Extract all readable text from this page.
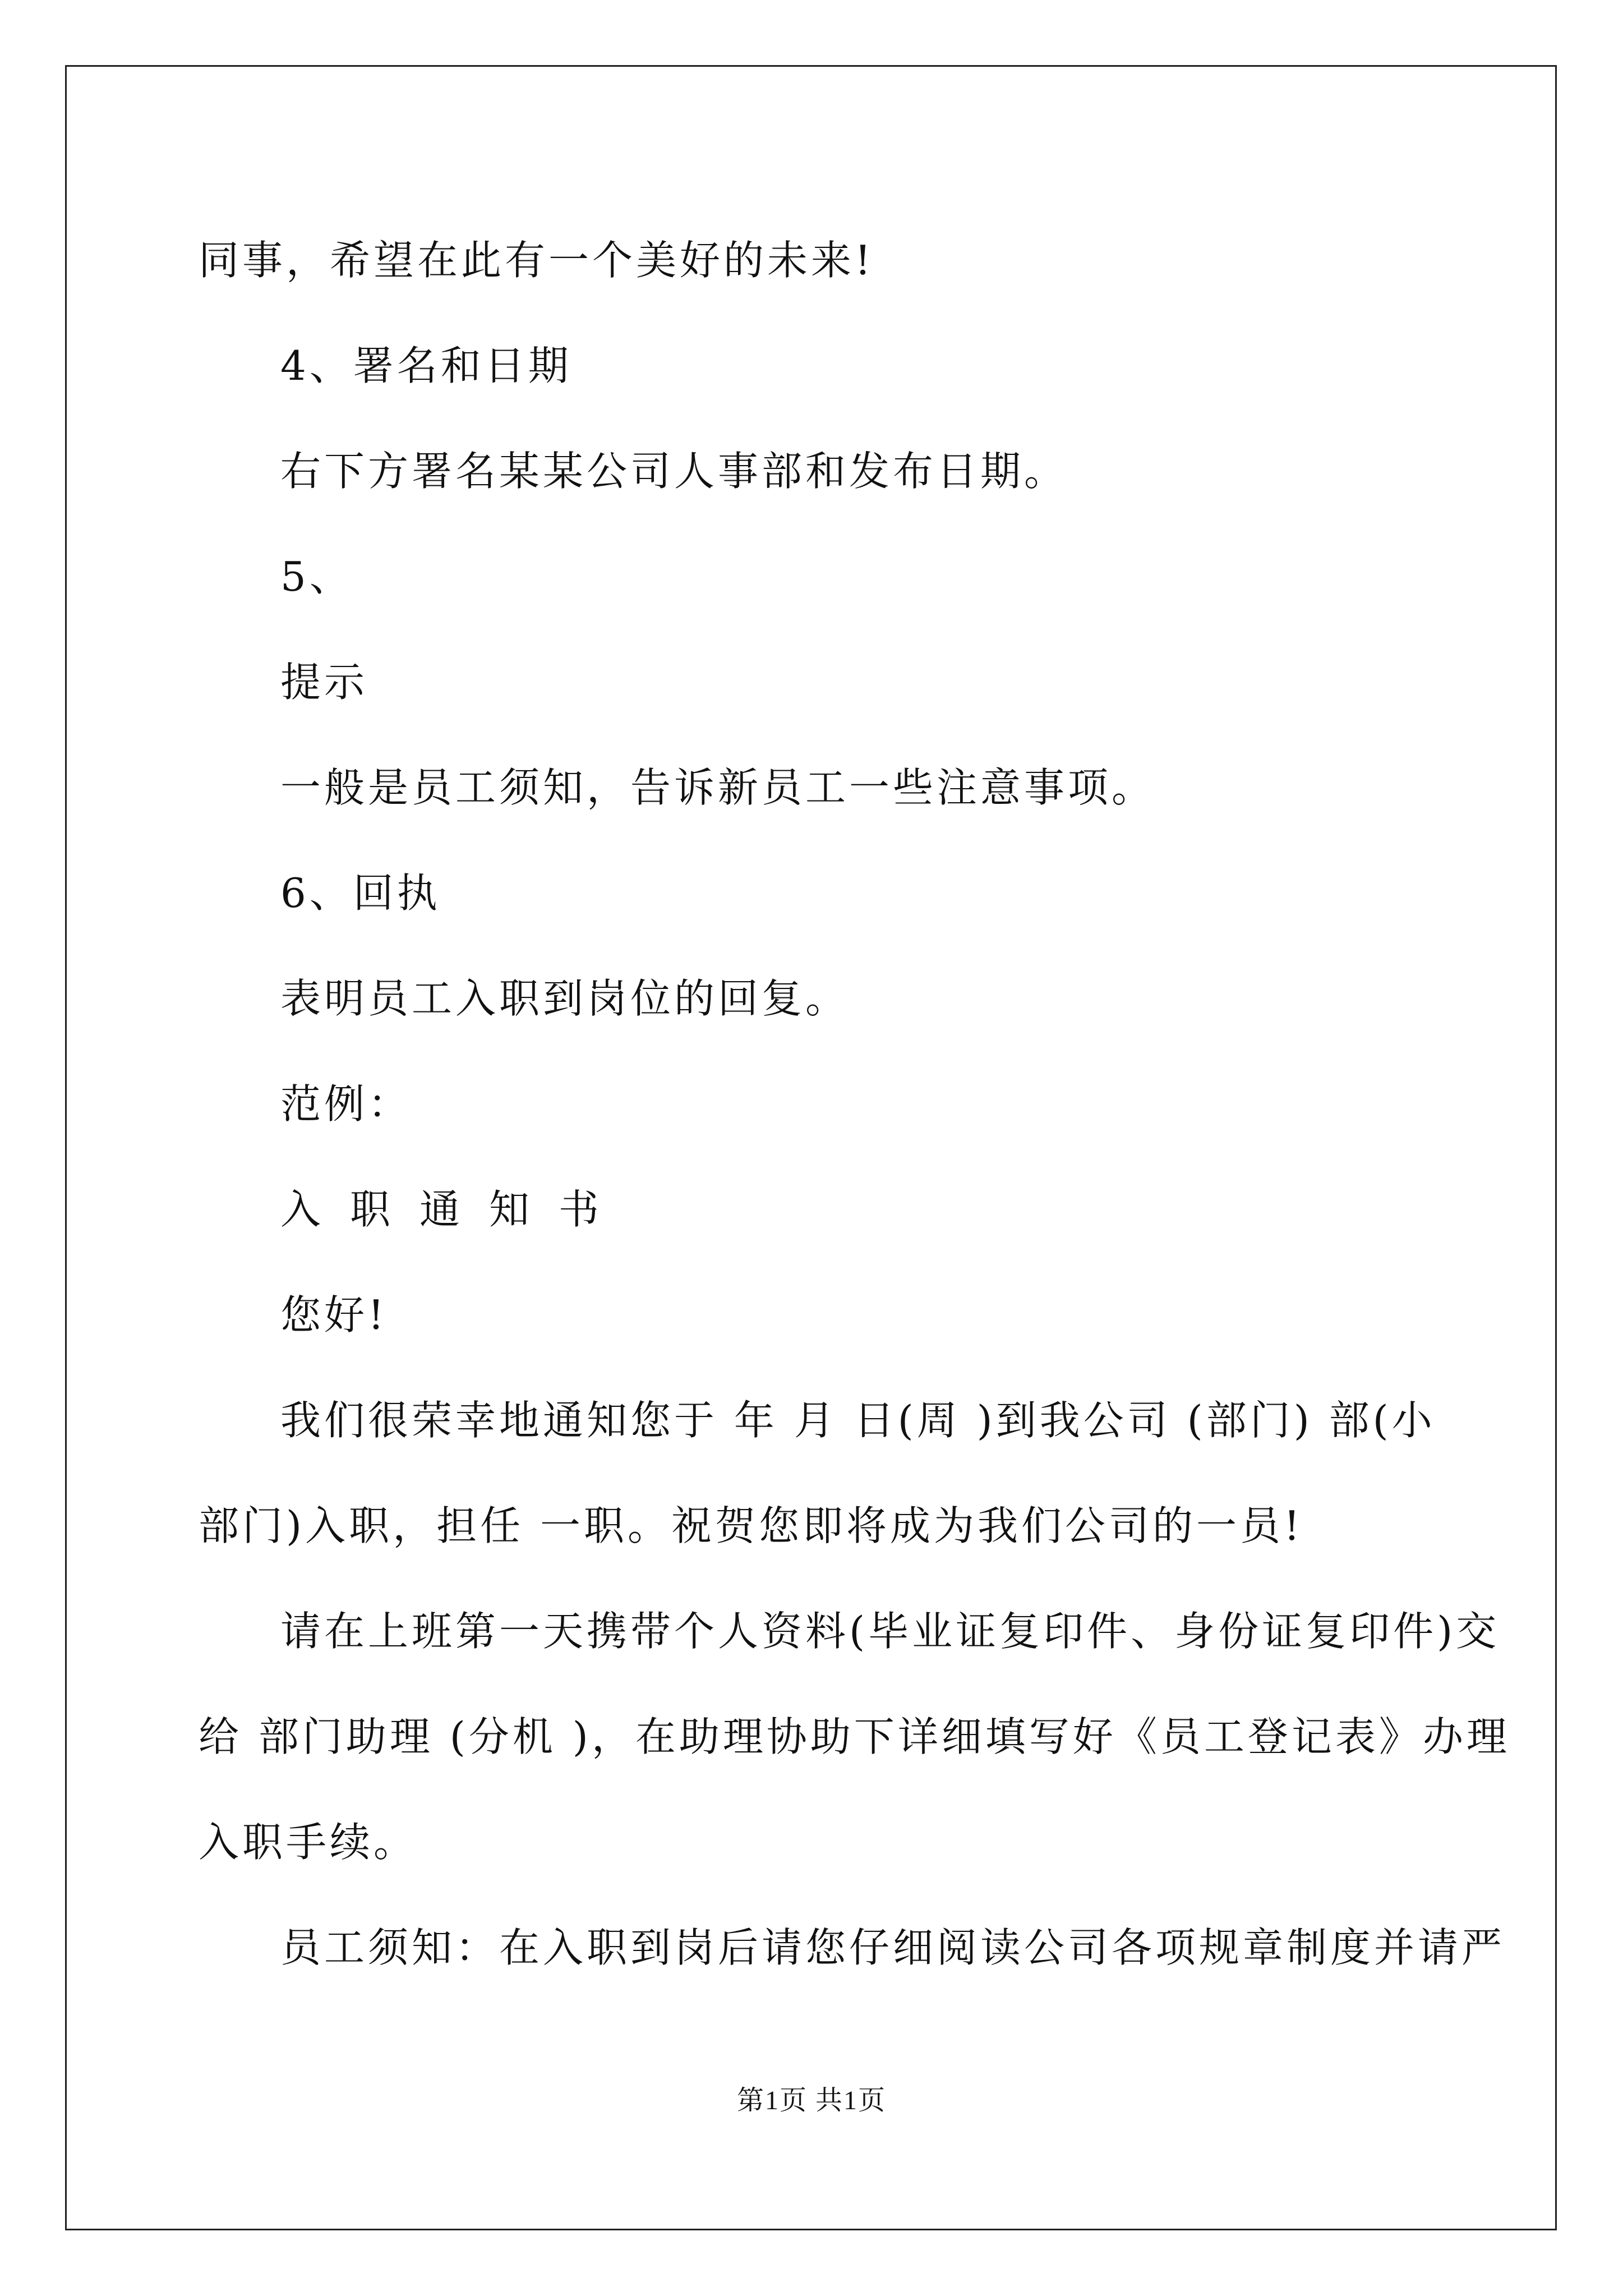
同事，希望在此有一个美好的未来!
4、署名和日期
右下方署名某某公司人事部和发布日期。
5、
提示
一般是员工须知，告诉新员工一些注意事项。
6、回执
表明员工入职到岗位的回复。
范例：
入职通知书
您好!
我们很荣幸地通知您于 年 月 日(周 )到我公司 (部门) 部(小
部门)入职，担任 一职。祝贺您即将成为我们公司的一员!
请在上班第一天携带个人资料(毕业证复印件、身份证复印件)交
给 部门助理 (分机 )，在助理协助下详细填写好《员工登记表》办理
入职手续。
员工须知：在入职到岗后请您仔细阅读公司各项规章制度并请严
第1页 共1页
